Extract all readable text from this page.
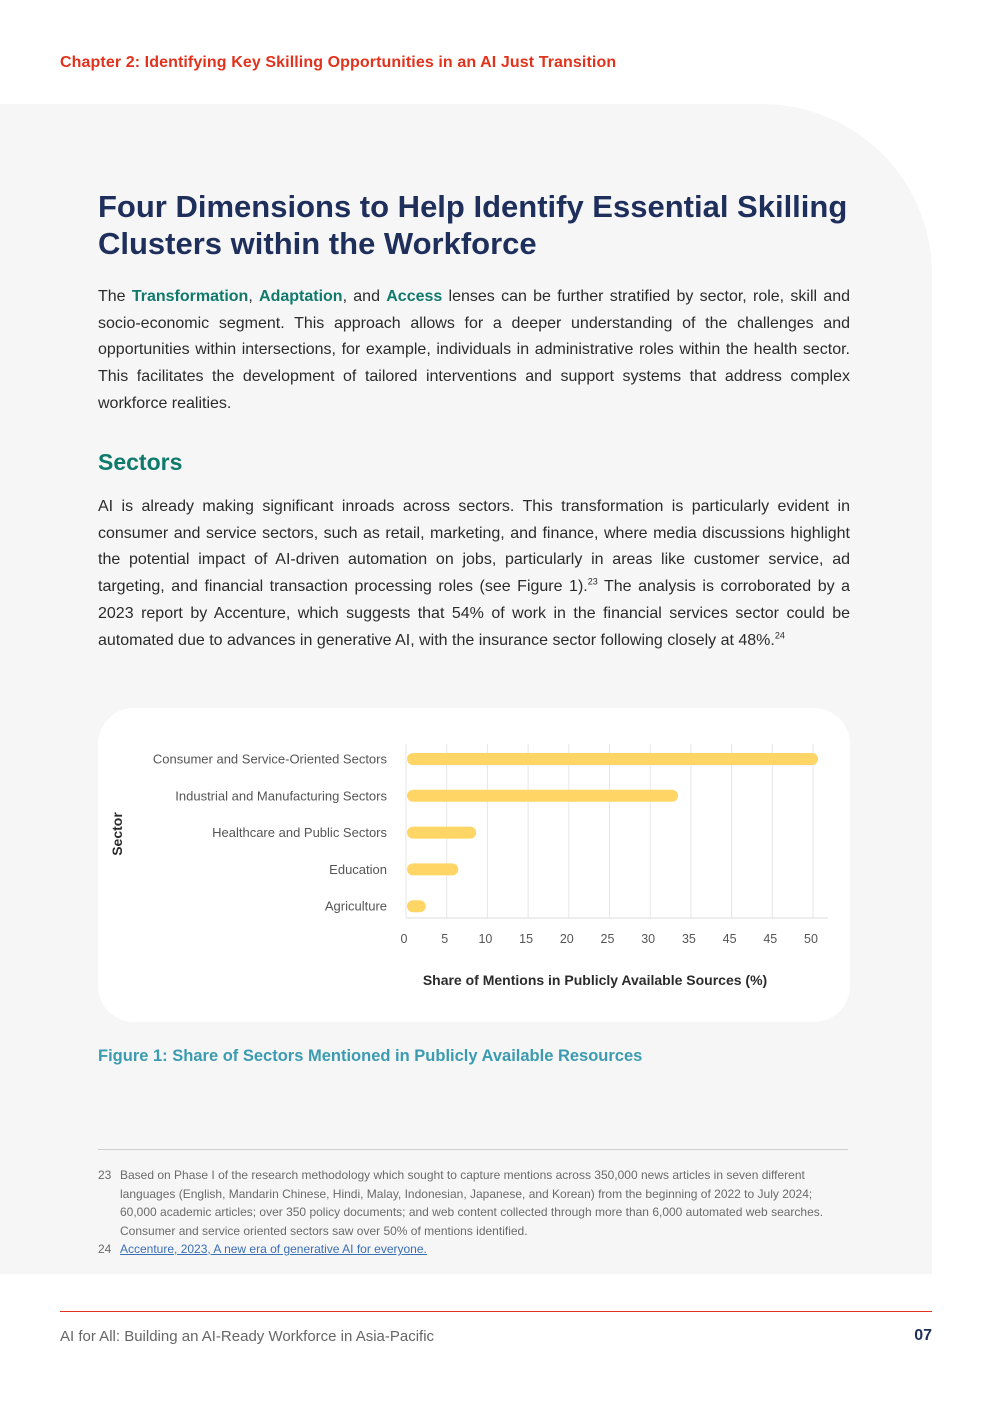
Chapter 2: Identifying Key Skilling Opportunities in an AI Just Transition
Four Dimensions to Help Identify Essential Skilling Clusters within the Workforce

The Transformation, Adaptation, and Access lenses can be further stratified by sector, role, skill and socio-economic segment. This approach allows for a deeper understanding of the challenges and opportunities within intersections, for example, individuals in administrative roles within the health sector. This facilitates the development of tailored interventions and support systems that address complex workforce realities.

Sectors

AI is already making significant inroads across sectors. This transformation is particularly evident in consumer and service sectors, such as retail, marketing, and finance, where media discussions highlight the potential impact of AI-driven automation on jobs, particularly in areas like customer service, ad targeting, and financial transaction processing roles (see Figure 1).$^{23}$ The analysis is corroborated by a 2023 report by Accenture, which suggests that 54% of work in the financial services sector could be automated due to advances in generative AI, with the insurance sector following closely at 48%.$^{24}$

0	5 10 15 20 25 30 35 45 45 50
Consumer and Service-Oriented Sectors
Industrial and Manufacturing Sectors
Healthcare and Public Sectors
Education
Agriculture
Share of Mentions in Publicly Available Sources (%)
Sector
Figure 1: Share of Sectors Mentioned in Publicly Available Resources

23 Based on Phase I of the research methodology which sought to capture mentions across 350,000 news articles in seven different languages (English, Mandarin Chinese, Hindi, Malay, Indonesian, Japanese, and Korean) from the beginning of 2022 to July 2024; 60,000 academic articles; over 350 policy documents; and web content collected through more than 6,000 automated web searches. Consumer and service oriented sectors saw over 50% of mentions identified.

24 Accenture, 2023, A new era of generative AI for everyone.

AI for All: Building an AI-Ready Workforce in Asia-Pacific	07
